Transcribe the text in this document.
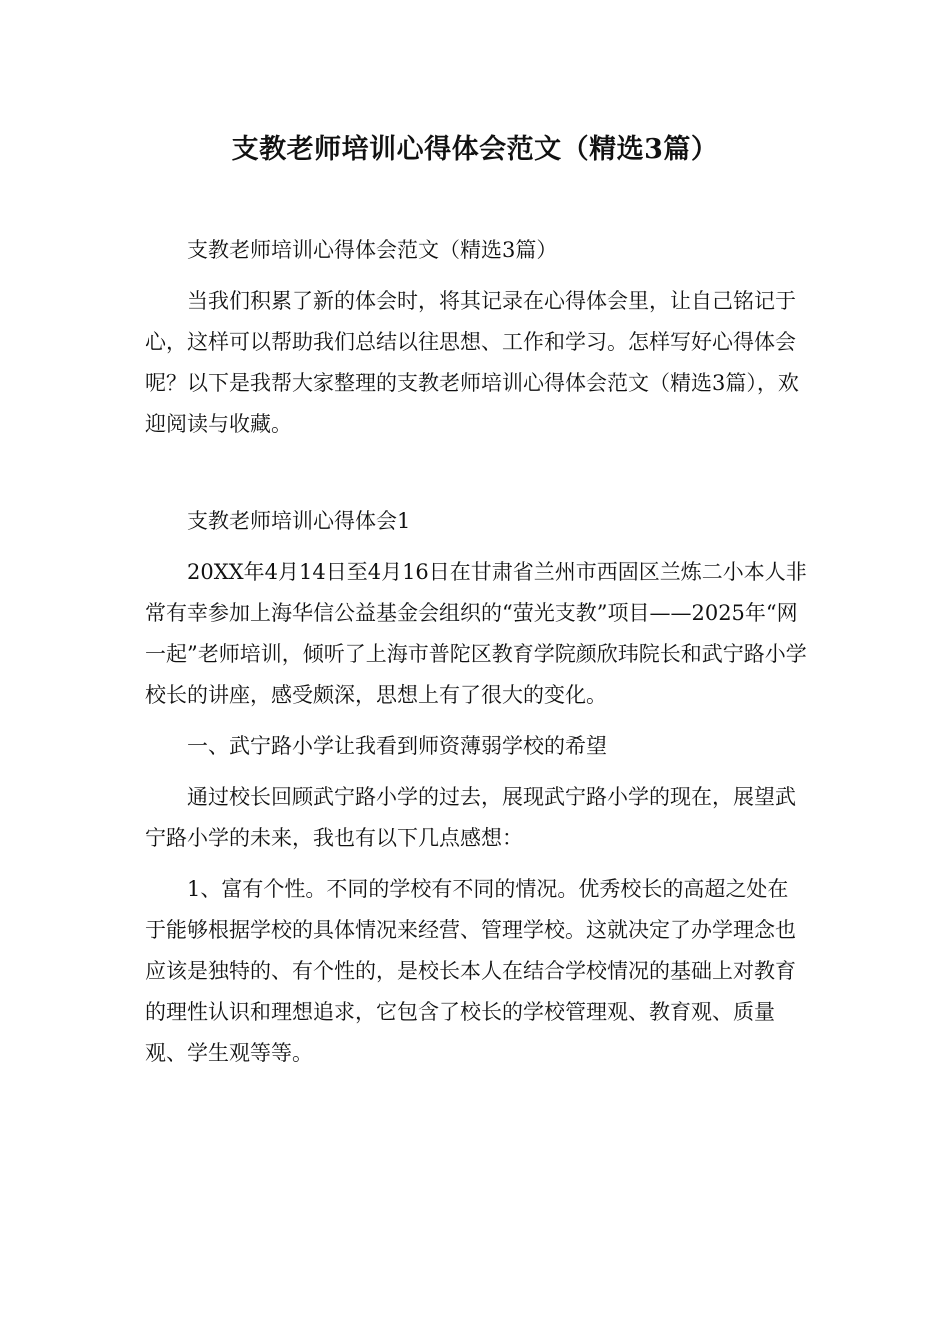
支教老师培训心得体会范文（精选3篇）

支教老师培训心得体会范文（精选3篇）

当我们积累了新的体会时，将其记录在心得体会里，让自己铭记于心，这样可以帮助我们总结以往思想、工作和学习。怎样写好心得体会呢？以下是我帮大家整理的支教老师培训心得体会范文（精选3篇），欢迎阅读与收藏。

支教老师培训心得体会1

20XX年4月14日至4月16日在甘肃省兰州市西固区兰炼二小本人非常有幸参加上海华信公益基金会组织的“萤光支教”项目——2025年“网一起”老师培训，倾听了上海市普陀区教育学院颜欣玮院长和武宁路小学校长的讲座，感受颇深，思想上有了很大的变化。

一、武宁路小学让我看到师资薄弱学校的希望

通过校长回顾武宁路小学的过去，展现武宁路小学的现在，展望武宁路小学的未来，我也有以下几点感想：

1、富有个性。不同的学校有不同的情况。优秀校长的高超之处在于能够根据学校的具体情况来经营、管理学校。这就决定了办学理念也应该是独特的、有个性的，是校长本人在结合学校情况的基础上对教育的理性认识和理想追求，它包含了校长的学校管理观、教育观、质量观、学生观等等。
